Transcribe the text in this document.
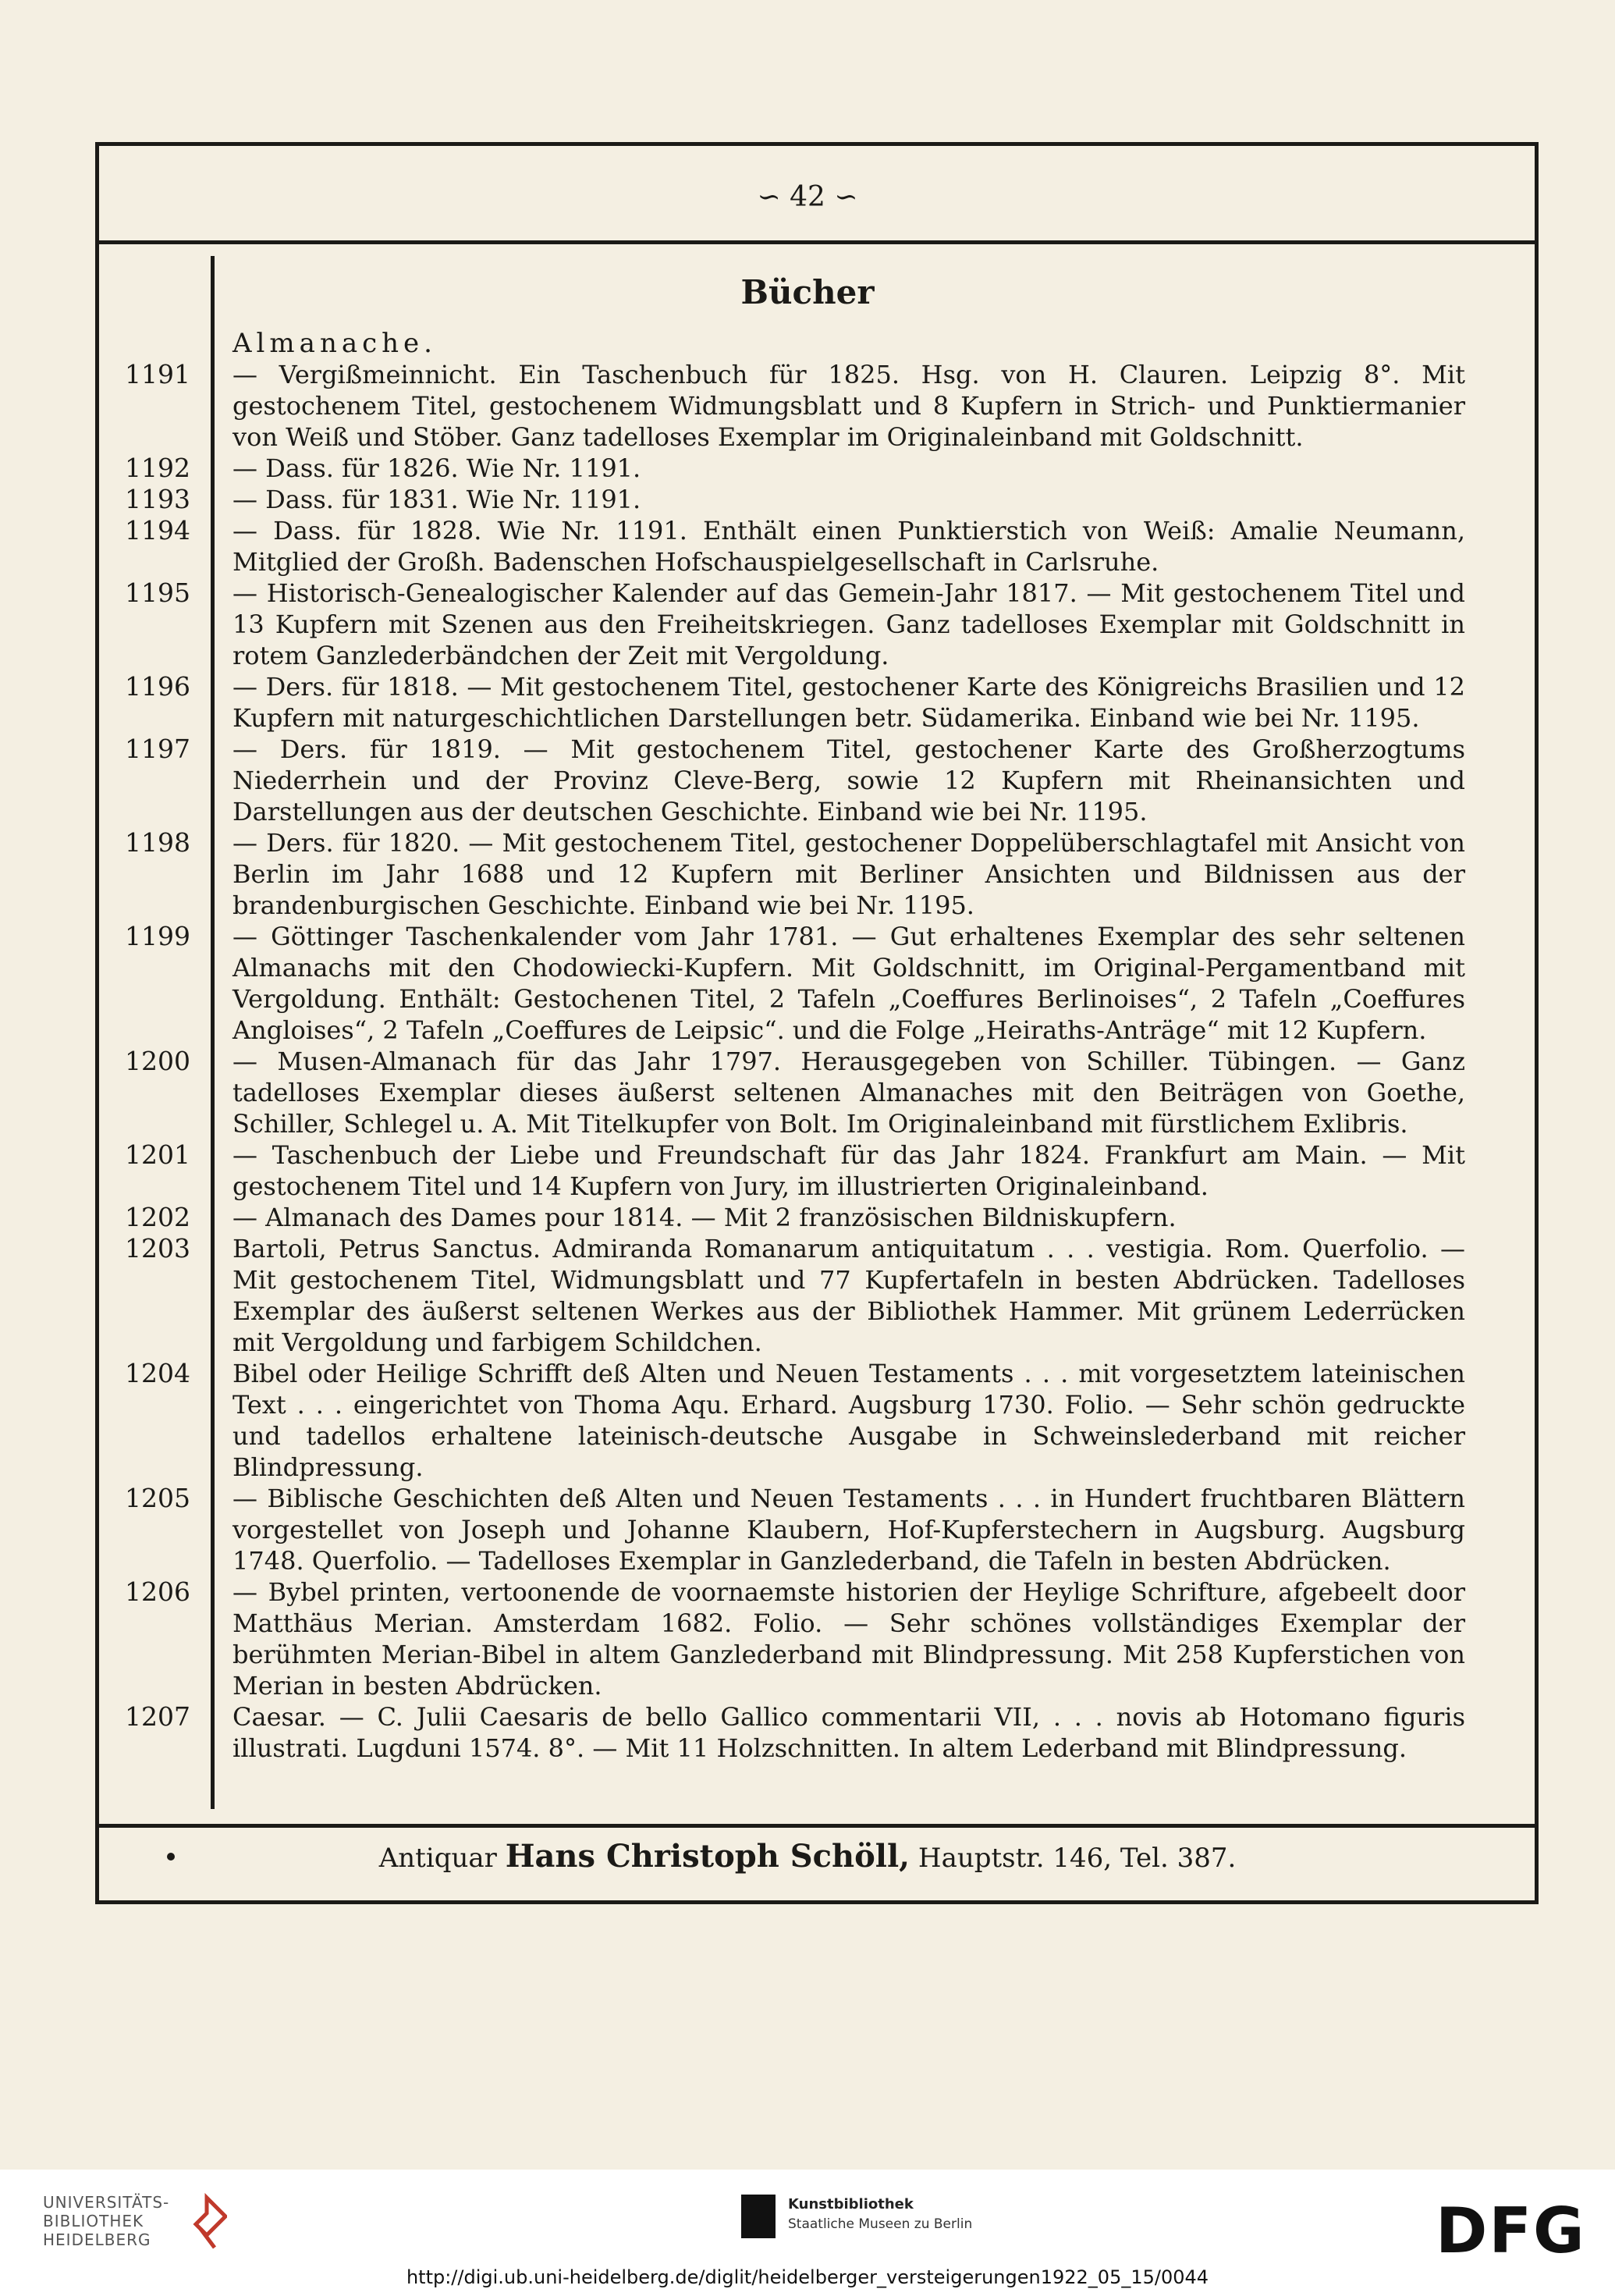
∽ 42 ∽
Bücher
Almanache.
1191	— Vergißmeinnicht. Ein Taschenbuch für 1825. Hsg. von H. Clauren. Leipzig 8°. Mit gestochenem Titel, gestochenem Widmungsblatt und 8 Kupfern in Strich- und Punktiermanier von Weiß und Stöber. Ganz tadelloses Exemplar im Originaleinband mit Goldschnitt.
1192	— Dass. für 1826. Wie Nr. 1191.
1193	— Dass. für 1831. Wie Nr. 1191.
1194	— Dass. für 1828. Wie Nr. 1191. Enthält einen Punktierstich von Weiß: Amalie Neumann, Mitglied der Großh. Badenschen Hofschauspielgesellschaft in Carlsruhe.
1195	— Historisch-Genealogischer Kalender auf das Gemein-Jahr 1817. — Mit gestochenem Titel und 13 Kupfern mit Szenen aus den Freiheitskriegen. Ganz tadelloses Exemplar mit Goldschnitt in rotem Ganzlederbändchen der Zeit mit Vergoldung.
1196	— Ders. für 1818. — Mit gestochenem Titel, gestochener Karte des Königreichs Brasilien und 12 Kupfern mit naturgeschichtlichen Darstellungen betr. Südamerika. Einband wie bei Nr. 1195.
1197	— Ders. für 1819. — Mit gestochenem Titel, gestochener Karte des Großherzogtums Niederrhein und der Provinz Cleve-Berg, sowie 12 Kupfern mit Rheinansichten und Darstellungen aus der deutschen Geschichte. Einband wie bei Nr. 1195.
1198	— Ders. für 1820. — Mit gestochenem Titel, gestochener Doppelüberschlagtafel mit Ansicht von Berlin im Jahr 1688 und 12 Kupfern mit Berliner Ansichten und Bildnissen aus der brandenburgischen Geschichte. Einband wie bei Nr. 1195.
1199	— Göttinger Taschenkalender vom Jahr 1781. — Gut erhaltenes Exemplar des sehr seltenen Almanachs mit den Chodowiecki-Kupfern. Mit Goldschnitt, im Original-Pergamentband mit Vergoldung. Enthält: Gestochenen Titel, 2 Tafeln „Coeffures Berlinoises“, 2 Tafeln „Coeffures Angloises“, 2 Tafeln „Coeffures de Leipsic“. und die Folge „Heiraths-Anträge“ mit 12 Kupfern.
1200	— Musen-Almanach für das Jahr 1797. Herausgegeben von Schiller. Tübingen. — Ganz tadelloses Exemplar dieses äußerst seltenen Almanaches mit den Beiträgen von Goethe, Schiller, Schlegel u. A. Mit Titelkupfer von Bolt. Im Originaleinband mit fürstlichem Exlibris.
1201	— Taschenbuch der Liebe und Freundschaft für das Jahr 1824. Frankfurt am Main. — Mit gestochenem Titel und 14 Kupfern von Jury, im illustrierten Originaleinband.
1202	— Almanach des Dames pour 1814. — Mit 2 französischen Bildniskupfern.
1203	Bartoli, Petrus Sanctus. Admiranda Romanarum antiquitatum . . . vestigia. Rom. Querfolio. — Mit gestochenem Titel, Widmungsblatt und 77 Kupfertafeln in besten Abdrücken. Tadelloses Exemplar des äußerst seltenen Werkes aus der Bibliothek Hammer. Mit grünem Lederrücken mit Vergoldung und farbigem Schildchen.
1204	Bibel oder Heilige Schrifft deß Alten und Neuen Testaments . . . mit vorgesetztem lateinischen Text . . . eingerichtet von Thoma Aqu. Erhard. Augsburg 1730. Folio. — Sehr schön gedruckte und tadellos erhaltene lateinisch-deutsche Ausgabe in Schweinslederband mit reicher Blindpressung.
1205	— Biblische Geschichten deß Alten und Neuen Testaments . . . in Hundert fruchtbaren Blättern vorgestellet von Joseph und Johanne Klaubern, Hof-Kupferstechern in Augsburg. Augsburg 1748. Querfolio. — Tadelloses Exemplar in Ganzlederband, die Tafeln in besten Abdrücken.
1206	— Bybel printen, vertoonende de voornaemste historien der Heylige Schrifture, afgebeelt door Matthäus Merian. Amsterdam 1682. Folio. — Sehr schönes vollständiges Exemplar der berühmten Merian-Bibel in altem Ganzlederband mit Blindpressung. Mit 258 Kupferstichen von Merian in besten Abdrücken.
1207	Caesar. — C. Julii Caesaris de bello Gallico commentarii VII, . . . novis ab Hotomano figuris illustrati. Lugduni 1574. 8°. — Mit 11 Holzschnitten. In altem Lederband mit Blindpressung.
Antiquar Hans Christoph Schöll, Hauptstr. 146, Tel. 387.
UNIVERSITÄTS-
BIBLIOTHEK
HEIDELBERG
Kunstbibliothek
Staatliche Museen zu Berlin	DFG
http://digi.ub.uni-heidelberg.de/diglit/heidelberger_versteigerungen1922_05_15/0044
